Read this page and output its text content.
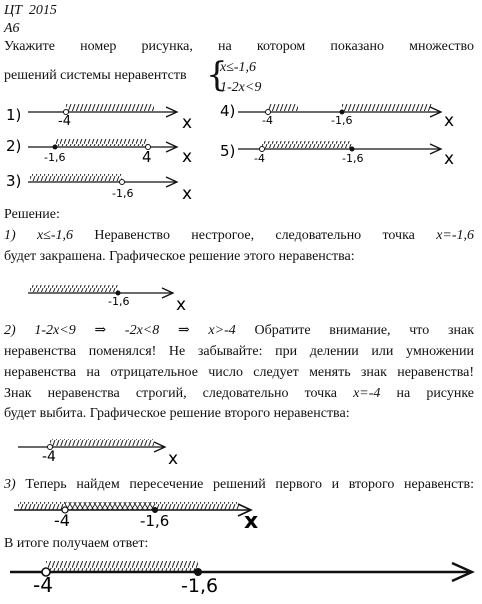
ЦТ 2015
А6
Укажите номер рисунка, на котором показано множество
решений системы неравентств {
x≤-1,6
1-2x<9
1)	-4	x
2)
-1,6	4 x
3)
-1,6	x
4)
-4	-1,6	x
5) -4	-1,6	x
-1,6	x
-4	x
-4	-1,6	x
-4	-1,6
Решение:
1) x≤-1,6 Неравенство нестрогое, следовательно точка x=-1,6
будет закрашена. Графическое решение этого неравенства:
2) 1-2x<9 ⇒ -2x<8 ⇒ x>-4 Обратите внимание, что знак
неравенства поменялся! Не забывайте: при делении или умножении
неравенства на отрицательное число следует менять знак неравенства!
Знак неравенства строгий, следовательно точка x=-4 на рисунке
будет выбита. Графическое решение второго неравенства:
3) Теперь найдем пересечение решений первого и второго неравенств:
В итоге получаем ответ:
